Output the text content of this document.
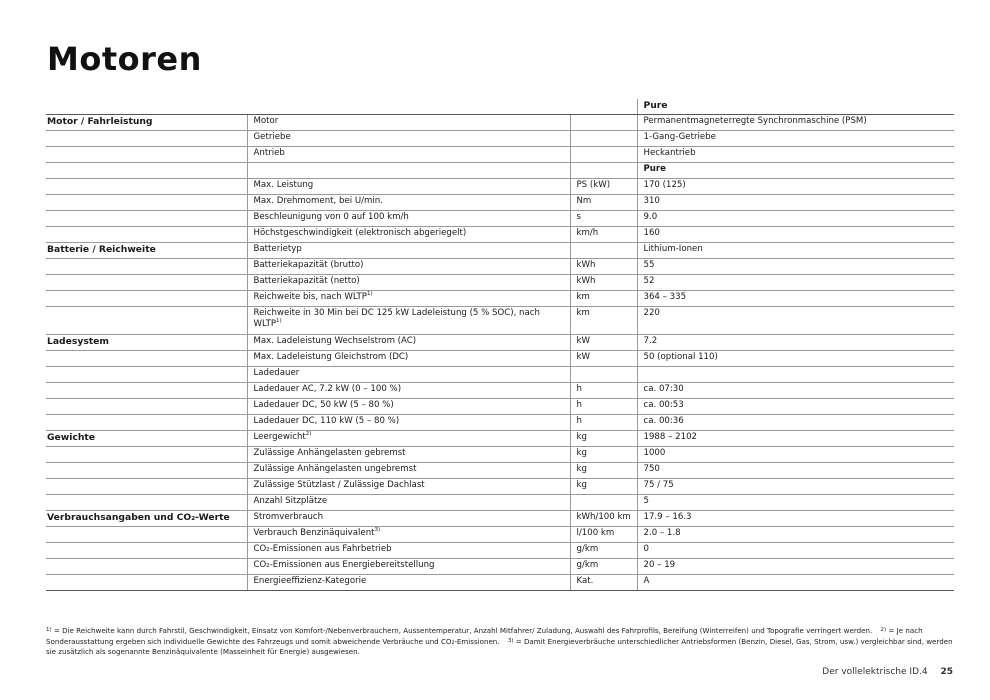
Motoren
			Pure
Motor / Fahrleistung	Motor		Permanentmagneterregte Synchronmaschine (PSM)
	Getriebe		1-Gang-Getriebe
	Antrieb		Heckantrieb
			Pure
	Max. Leistung	PS (kW)	170 (125)
	Max. Drehmoment, bei U/min.	Nm	310
	Beschleunigung von 0 auf 100 km/h	s	9.0
	Höchstgeschwindigkeit (elektronisch abgeriegelt)	km/h	160
Batterie / Reichweite	Batterietyp		Lithium-Ionen
	Batteriekapazität (brutto)	kWh	55
	Batteriekapazität (netto)	kWh	52
	Reichweite bis, nach WLTP$^{1)}$	km	364 – 335
	Reichweite in 30 Min bei DC 125 kW Ladeleistung (5 % SOC), nach WLTP$^{1)}$	km	220
Ladesystem	Max. Ladeleistung Wechselstrom (AC)	kW	7.2
	Max. Ladeleistung Gleichstrom (DC)	kW	50 (optional 110)
	Ladedauer		
	Ladedauer AC, 7.2 kW (0 – 100 %)	h	ca. 07:30
	Ladedauer DC, 50 kW (5 – 80 %)	h	ca. 00:53
	Ladedauer DC, 110 kW (5 – 80 %)	h	ca. 00:36
Gewichte	Leergewicht$^{2)}$	kg	1988 – 2102
	Zulässige Anhängelasten gebremst	kg	1000
	Zulässige Anhängelasten ungebremst	kg	750
	Zulässige Stützlast / Zulässige Dachlast	kg	75 / 75
	Anzahl Sitzplätze		5
Verbrauchsangaben und CO₂-Werte	Stromverbrauch	kWh/100 km	17.9 – 16.3
	Verbrauch Benzinäquivalent$^{3)}$	l/100 km	2.0 – 1.8
	CO₂-Emissionen aus Fahrbetrieb	g/km	0
	CO₂-Emissionen aus Energiebereitstellung	g/km	20 – 19
	Energieeffizienz-Kategorie	Kat.	A

$^{1)}$ = Die Reichweite kann durch Fahrstil, Geschwindigkeit, Einsatz von Komfort-/Nebenverbrauchern, Aussentemperatur, Anzahl Mitfahrer/ Zuladung, Auswahl des Fahrprofils, Bereifung (Winterreifen) und Topografie verringert werden. $^{2)}$ = Je nach Sonderausstattung ergeben sich individuelle Gewichte des Fahrzeugs und somit abweichende Verbräuche und CO₂-Emissionen. $^{3)}$ = Damit Energieverbräuche unterschiedlicher Antriebsformen (Benzin, Diesel, Gas, Strom, usw.) vergleichbar sind, werden sie zusätzlich als sogenannte Benzinäquivalente (Masseinheit für Energie) ausgewiesen.

Der vollelektrische ID.4 25
